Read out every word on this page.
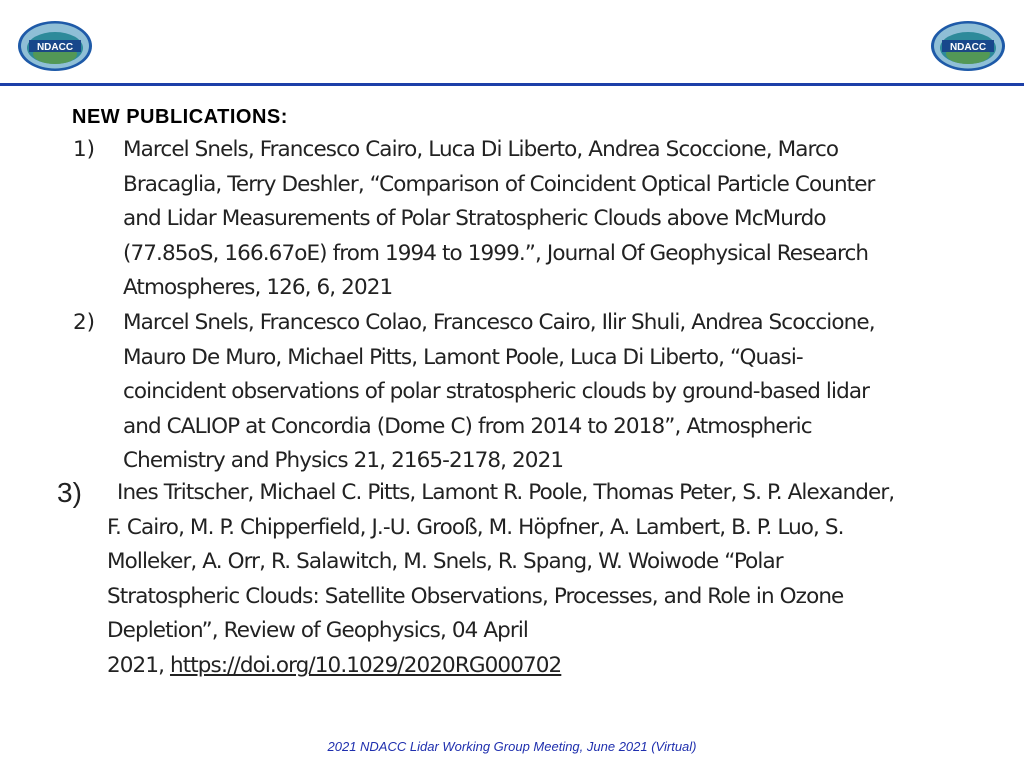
NDACC	NDACC
NEW PUBLICATIONS:
1) Marcel Snels, Francesco Cairo, Luca Di Liberto, Andrea Scoccione, Marco
Bracaglia, Terry Deshler, “Comparison of Coincident Optical Particle Counter
and Lidar Measurements of Polar Stratospheric Clouds above McMurdo
(77.85oS, 166.67oE) from 1994 to 1999.”, Journal Of Geophysical Research
Atmospheres, 126, 6, 2021
2) Marcel Snels, Francesco Colao, Francesco Cairo, Ilir Shuli, Andrea Scoccione,
Mauro De Muro, Michael Pitts, Lamont Poole, Luca Di Liberto, “Quasi-
coincident observations of polar stratospheric clouds by ground-based lidar
and CALIOP at Concordia (Dome C) from 2014 to 2018”, Atmospheric
Chemistry and Physics 21, 2165-2178, 2021
3)	Ines Tritscher, Michael C. Pitts, Lamont R. Poole, Thomas Peter, S. P. Alexander,
F. Cairo, M. P. Chipperfield, J.-U. Grooß, M. Höpfner, A. Lambert, B. P. Luo, S.
Molleker, A. Orr, R. Salawitch, M. Snels, R. Spang, W. Woiwode “Polar
Stratospheric Clouds: Satellite Observations, Processes, and Role in Ozone
Depletion”, Review of Geophysics, 04 April
2021, https://doi.org/10.1029/2020RG000702
2021 NDACC Lidar Working Group Meeting, June 2021 (Virtual)
